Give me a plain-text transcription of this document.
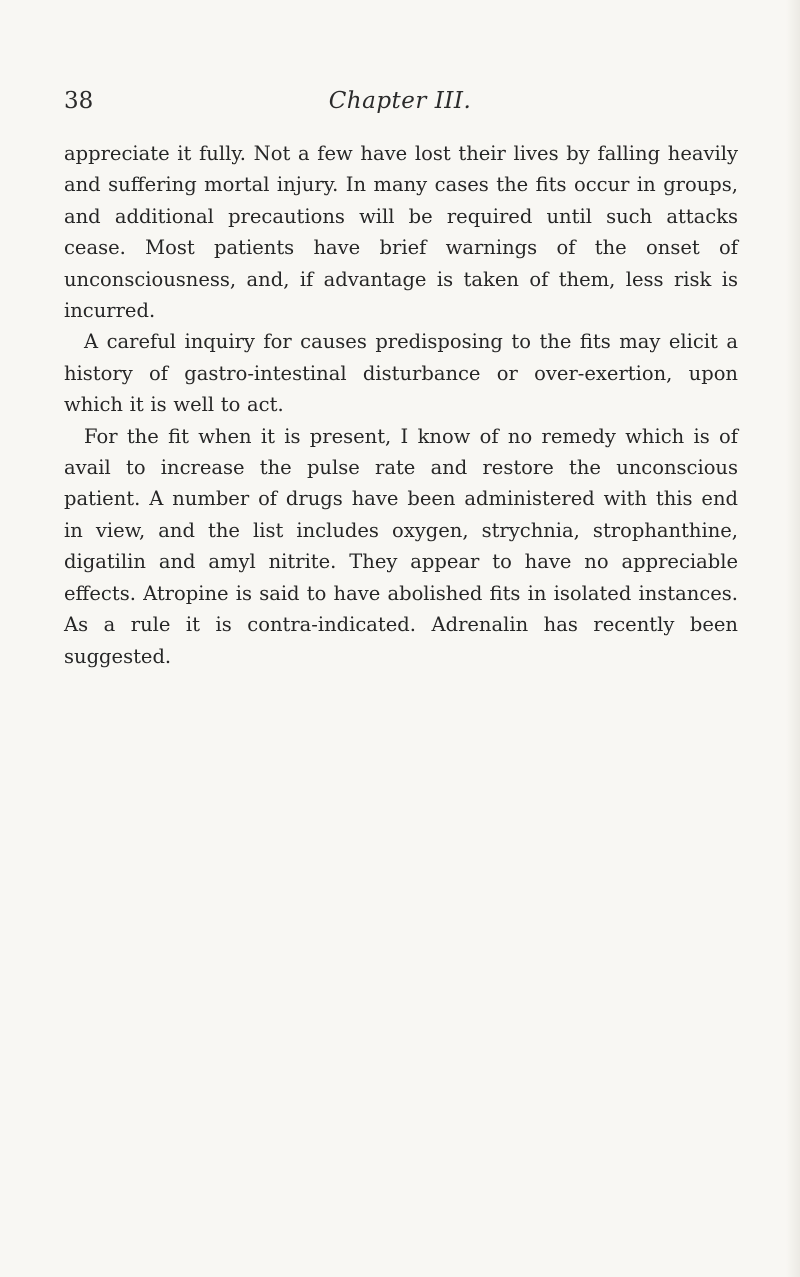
38	Chapter III.

appreciate it fully. Not a few have lost their lives by falling heavily and suffering mortal injury. In many cases the fits occur in groups, and additional precautions will be required until such attacks cease. Most patients have brief warnings of the onset of unconsciousness, and, if advantage is taken of them, less risk is incurred.

A careful inquiry for causes predisposing to the fits may elicit a history of gastro-intestinal disturbance or over-exertion, upon which it is well to act.

For the fit when it is present, I know of no remedy which is of avail to increase the pulse rate and restore the unconscious patient. A number of drugs have been administered with this end in view, and the list includes oxygen, strychnia, strophanthine, digatilin and amyl nitrite. They appear to have no appreciable effects. Atropine is said to have abolished fits in isolated instances. As a rule it is contra-indicated. Adrenalin has recently been suggested.
